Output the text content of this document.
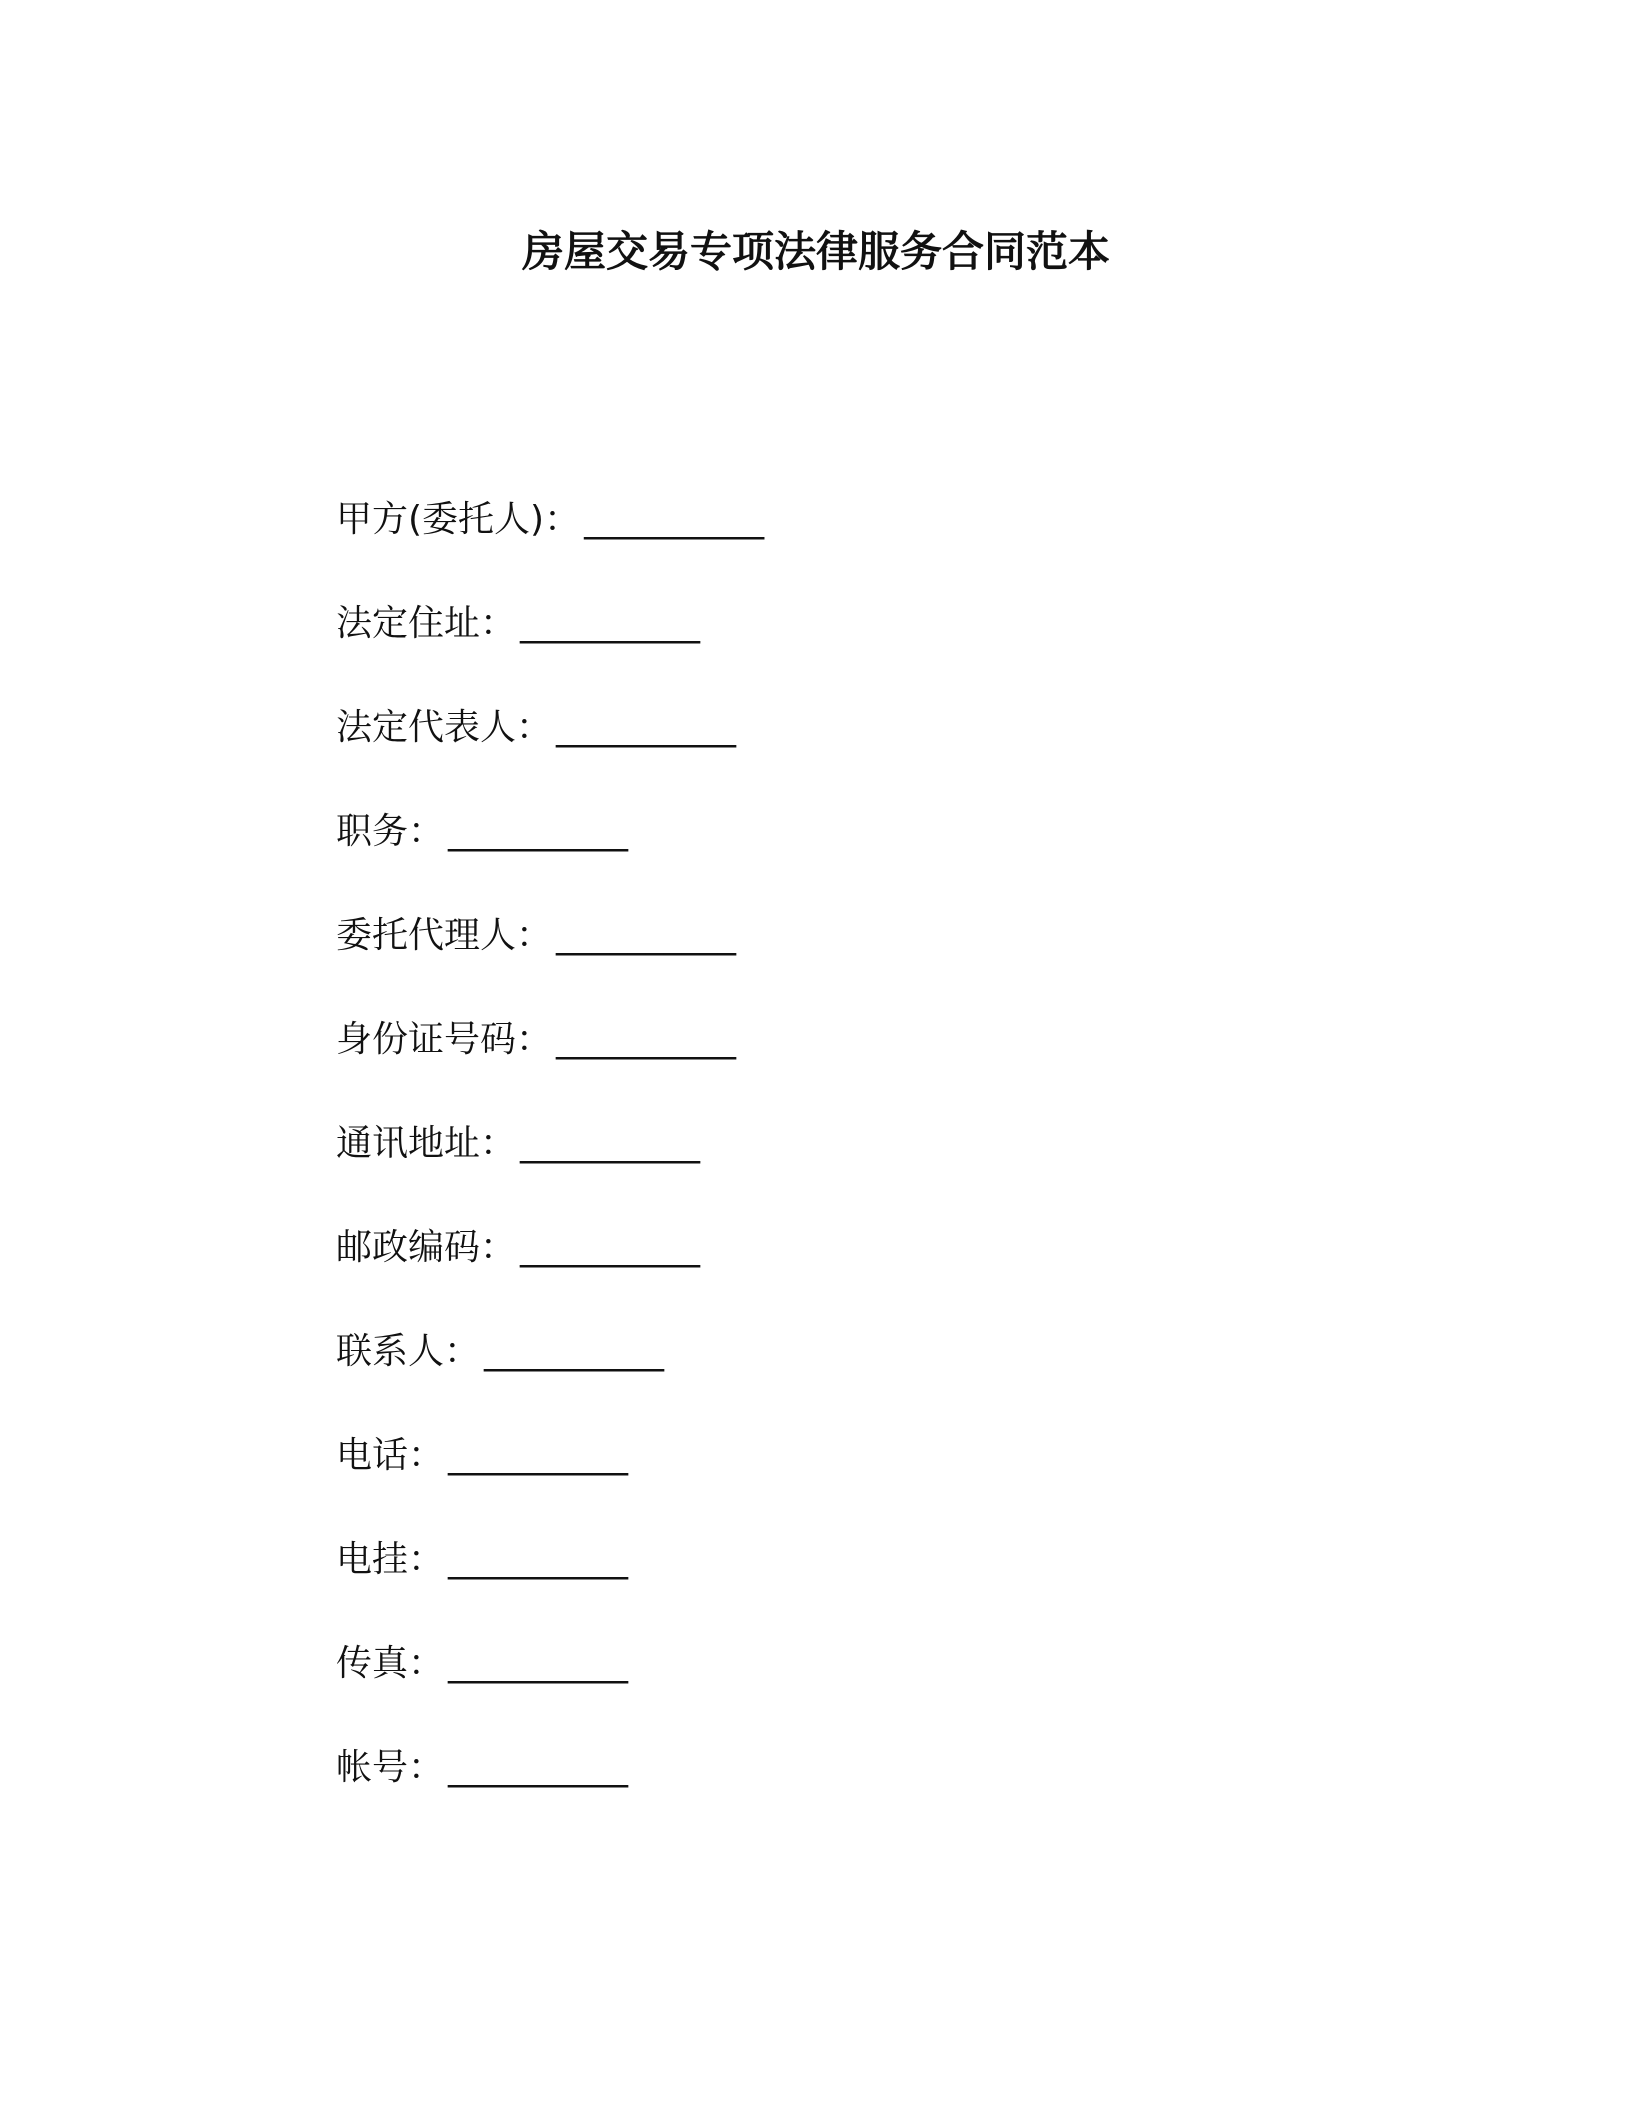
房屋交易专项法律服务合同范本
甲方(委托人)： __________
法定住址： __________
法定代表人： __________
职务： __________
委托代理人： __________
身份证号码： __________
通讯地址： __________
邮政编码： __________
联系人： __________
电话： __________
电挂： __________
传真： __________
帐号： __________
